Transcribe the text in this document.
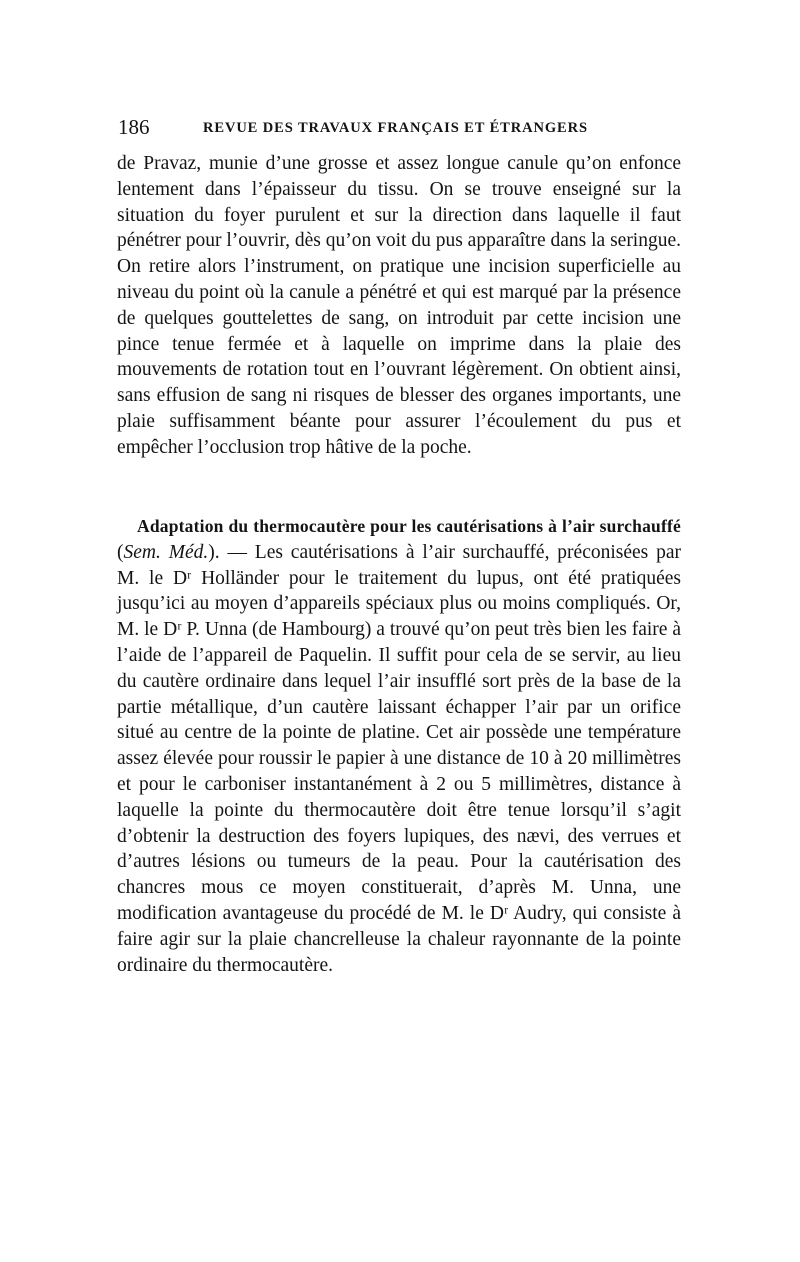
186	REVUE DES TRAVAUX FRANÇAIS ET ÉTRANGERS
de Pravaz, munie d’une grosse et assez longue canule qu’on enfonce lentement dans l’épaisseur du tissu. On se trouve enseigné sur la situation du foyer purulent et sur la direction dans laquelle il faut pénétrer pour l’ouvrir, dès qu’on voit du pus apparaître dans la seringue. On retire alors l’instrument, on pratique une incision superficielle au niveau du point où la canule a pénétré et qui est marqué par la présence de quelques gouttelettes de sang, on introduit par cette incision une pince tenue fermée et à laquelle on imprime dans la plaie des mouvements de rotation tout en l’ouvrant légèrement. On obtient ainsi, sans effusion de sang ni risques de blesser des organes importants, une plaie suffisamment béante pour assurer l’écoulement du pus et empêcher l’occlusion trop hâtive de la poche.
Adaptation du thermocautère pour les cautérisations à l’air surchauffé (Sem. Méd.). — Les cautérisations à l’air surchauffé, préconisées par M. le Dʳ Holländer pour le traitement du lupus, ont été pratiquées jusqu’ici au moyen d’appareils spéciaux plus ou moins compliqués. Or, M. le Dʳ P. Unna (de Hambourg) a trouvé qu’on peut très bien les faire à l’aide de l’appareil de Paquelin. Il suffit pour cela de se servir, au lieu du cautère ordinaire dans lequel l’air insufflé sort près de la base de la partie métallique, d’un cautère laissant échapper l’air par un orifice situé au centre de la pointe de platine. Cet air possède une température assez élevée pour roussir le papier à une distance de 10 à 20 millimètres et pour le carboniser instantanément à 2 ou 5 millimètres, distance à laquelle la pointe du thermocautère doit être tenue lorsqu’il s’agit d’obtenir la destruction des foyers lupiques, des nævi, des verrues et d’autres lésions ou tumeurs de la peau. Pour la cautérisation des chancres mous ce moyen constituerait, d’après M. Unna, une modification avantageuse du procédé de M. le Dʳ Audry, qui consiste à faire agir sur la plaie chancrelleuse la chaleur rayonnante de la pointe ordinaire du thermocautère.
